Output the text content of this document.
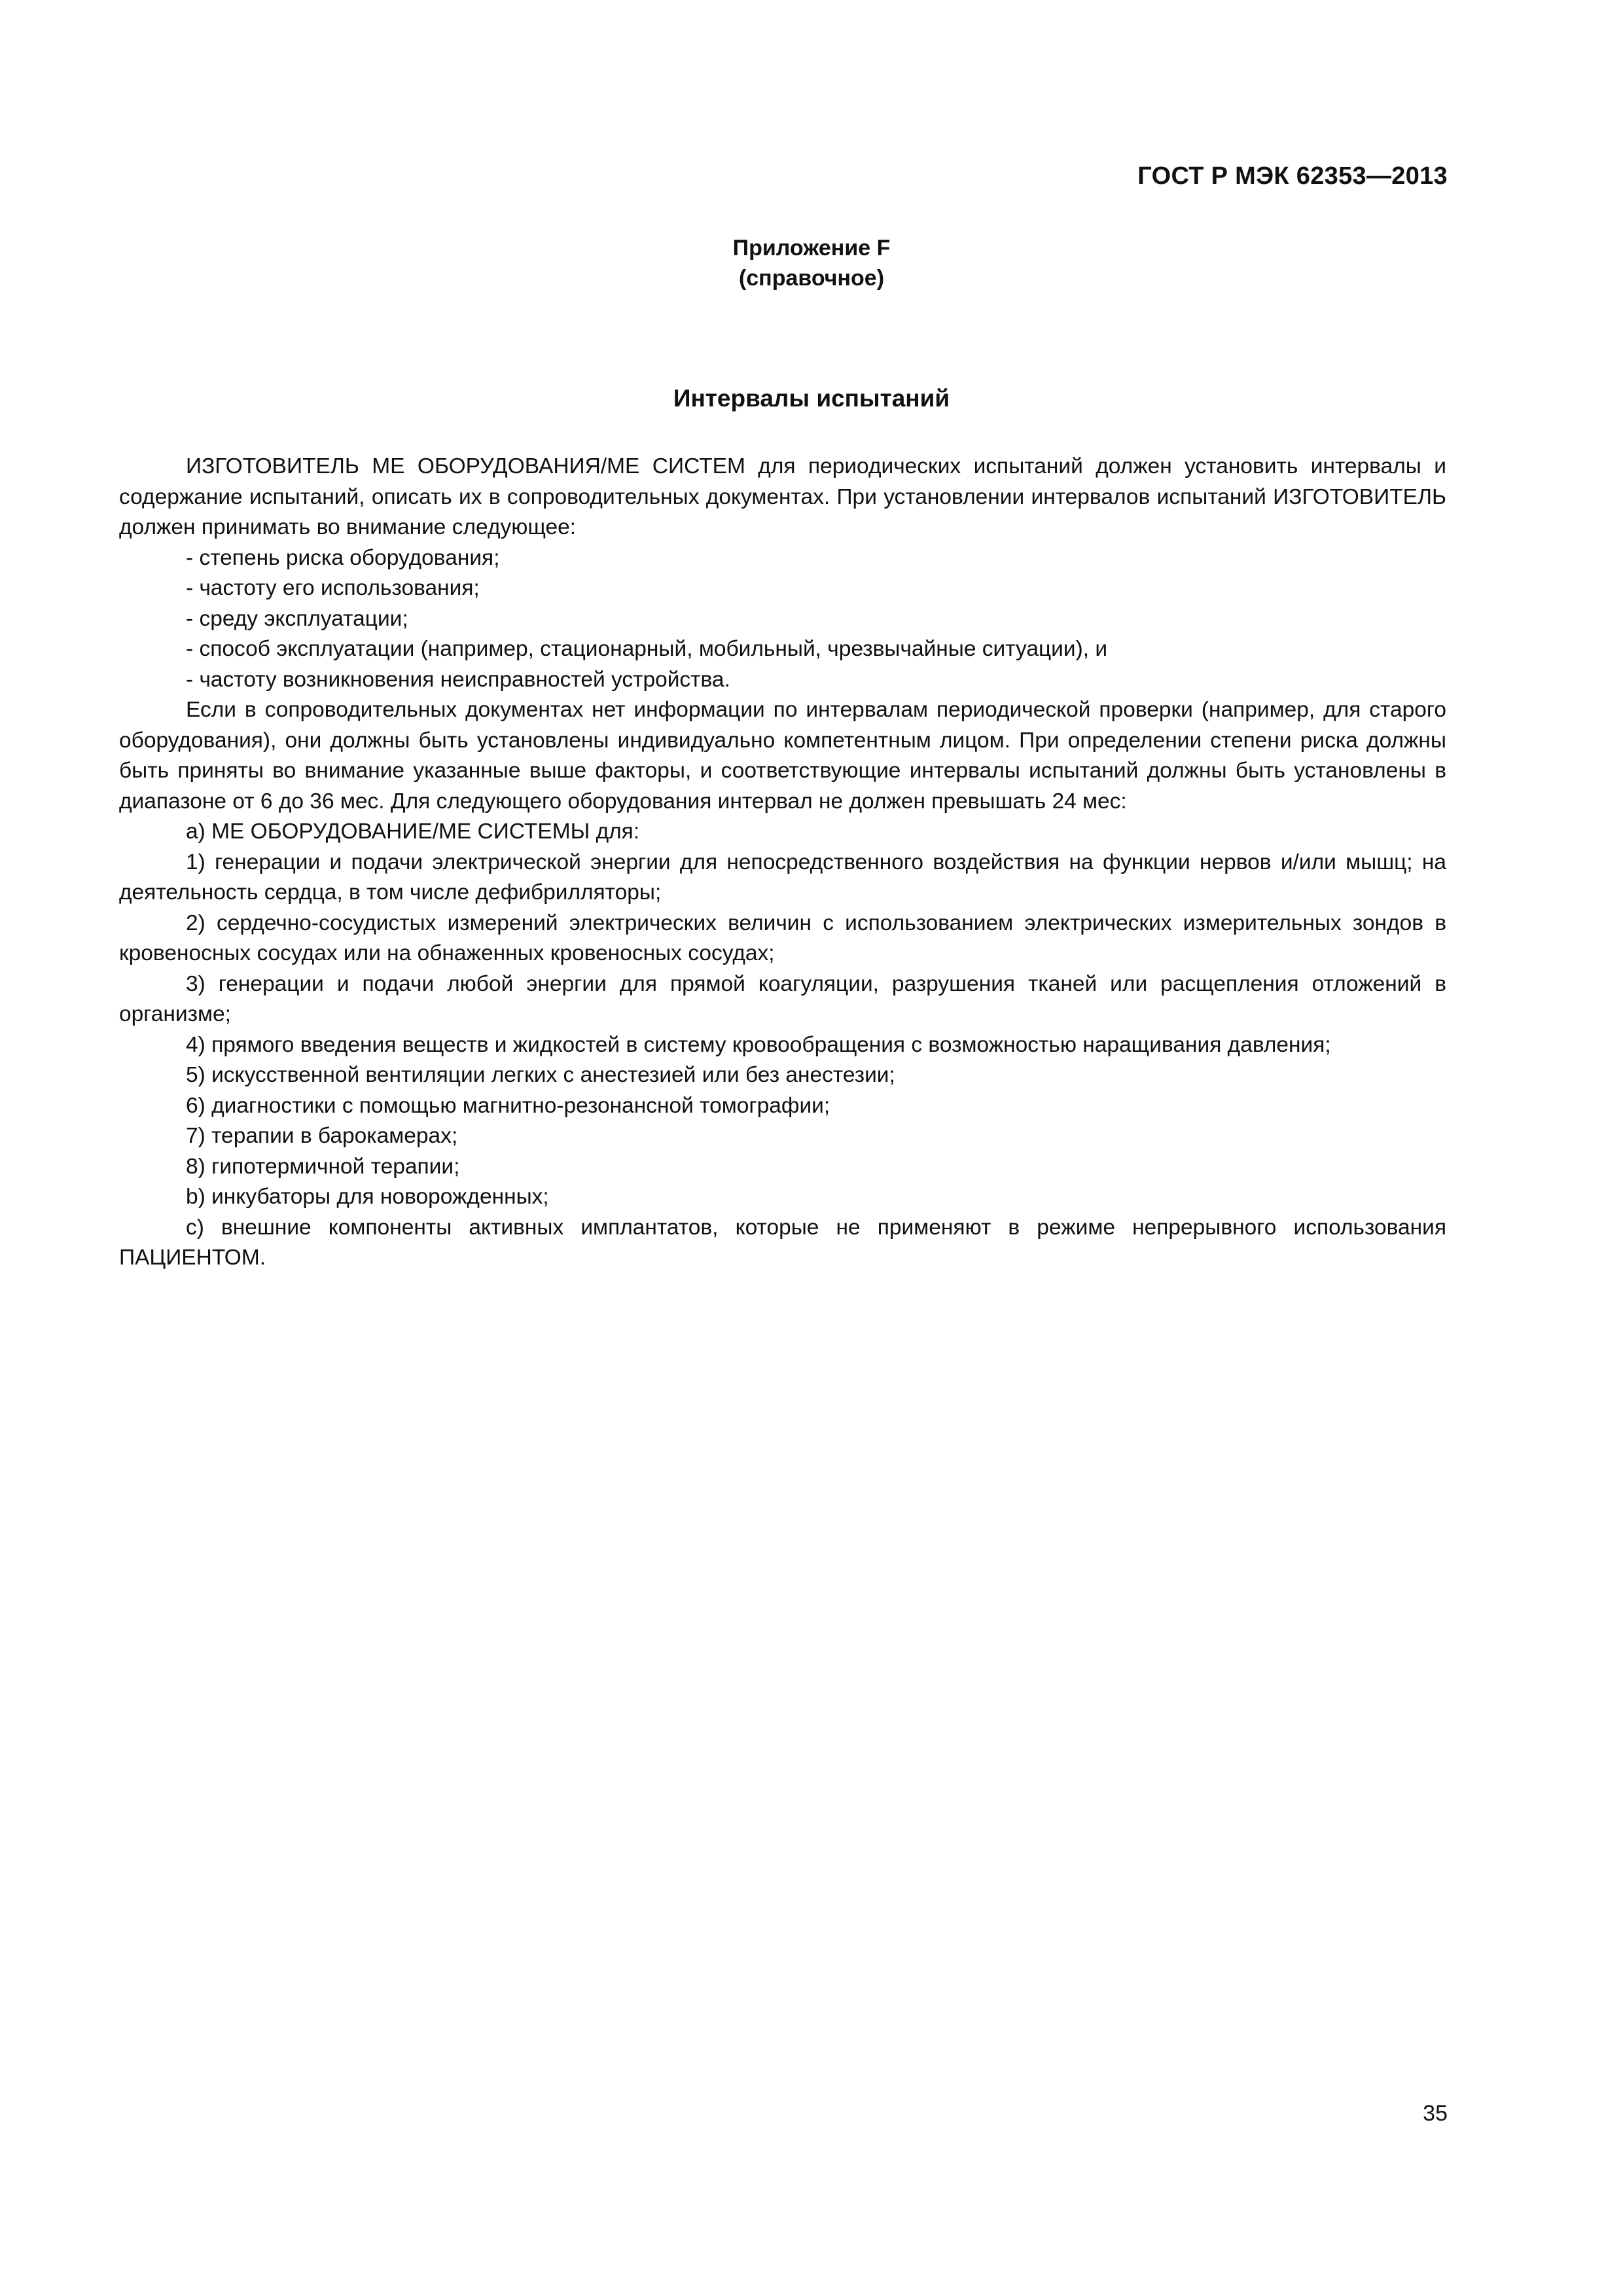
ГОСТ Р МЭК 62353—2013
Приложение F
(справочное)
Интервалы испытаний

ИЗГОТОВИТЕЛЬ МЕ ОБОРУДОВАНИЯ/МЕ СИСТЕМ для периодических испытаний должен установить интервалы и содержание испытаний, описать их в сопроводительных документах. При установлении интервалов испытаний ИЗГОТОВИТЕЛЬ должен принимать во внимание следующее:

- степень риска оборудования;

- частоту его использования;

- среду эксплуатации;

- способ эксплуатации (например, стационарный, мобильный, чрезвычайные ситуации), и

- частоту возникновения неисправностей устройства.

Если в сопроводительных документах нет информации по интервалам периодической проверки (например, для старого оборудования), они должны быть установлены индивидуально компетентным лицом. При определении степени риска должны быть приняты во внимание указанные выше факторы, и соответствующие интервалы испытаний должны быть установлены в диапазоне от 6 до 36 мес. Для следующего оборудования интервал не должен превышать 24 мес:

а) МЕ ОБОРУДОВАНИЕ/МЕ СИСТЕМЫ для:

1) генерации и подачи электрической энергии для непосредственного воздействия на функции нервов и/или мышц; на деятельность сердца, в том числе дефибрилляторы;

2) сердечно-сосудистых измерений электрических величин с использованием электрических измерительных зондов в кровеносных сосудах или на обнаженных кровеносных сосудах;

3) генерации и подачи любой энергии для прямой коагуляции, разрушения тканей или расщепления отложений в организме;

4) прямого введения веществ и жидкостей в систему кровообращения с возможностью наращивания давления;

5) искусственной вентиляции легких с анестезией или без анестезии;

6) диагностики с помощью магнитно-резонансной томографии;

7) терапии в барокамерах;

8) гипотермичной терапии;

b) инкубаторы для новорожденных;

с) внешние компоненты активных имплантатов, которые не применяют в режиме непрерывного использования ПАЦИЕНТОМ.

35
